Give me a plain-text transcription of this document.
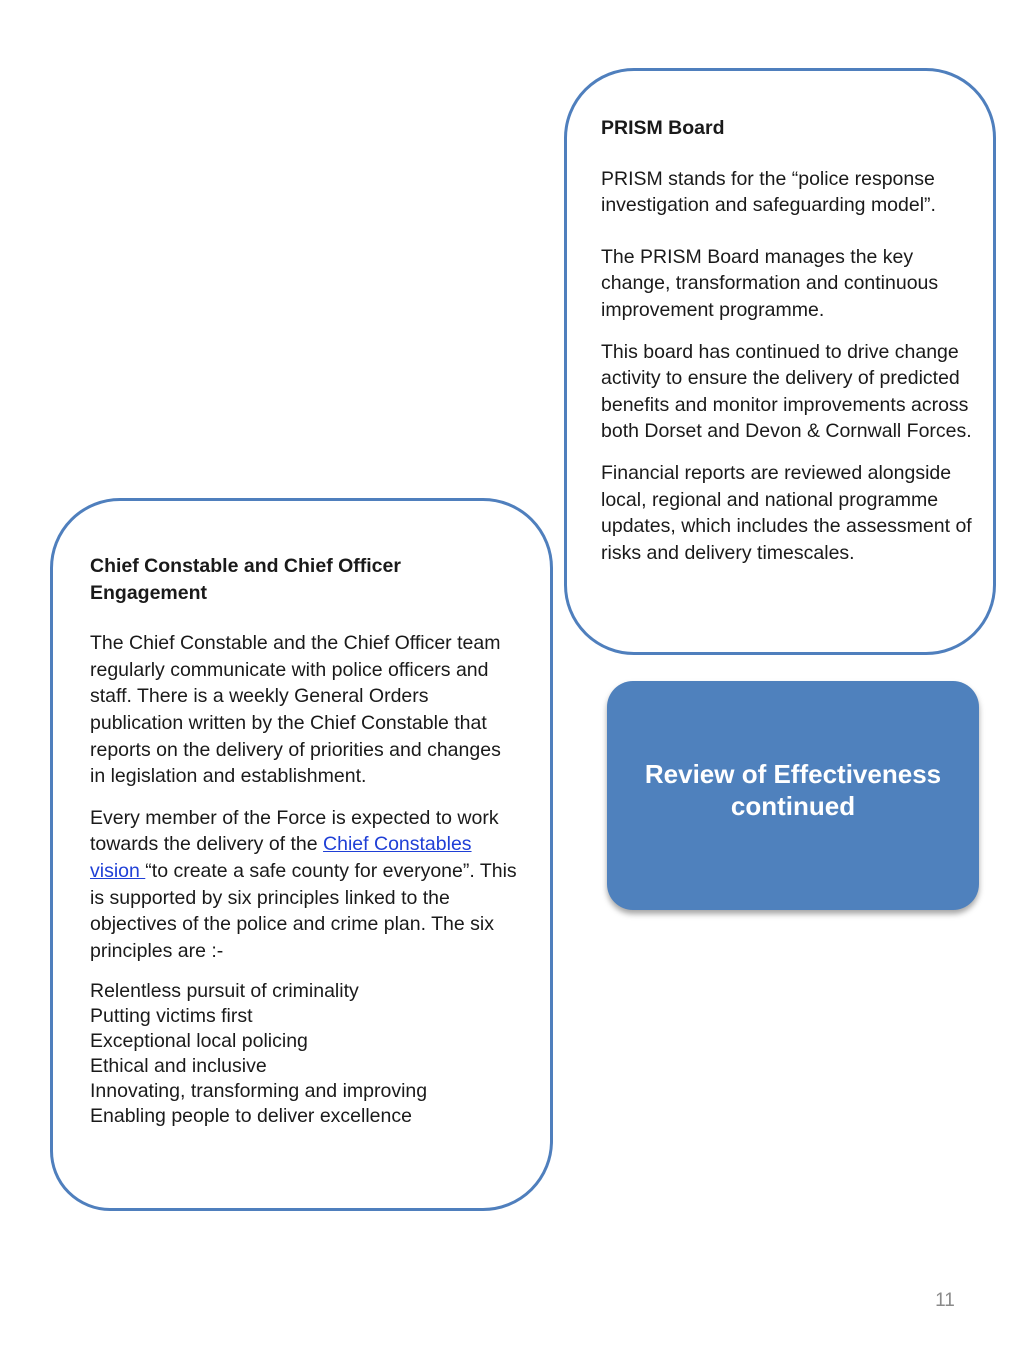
PRISM Board

PRISM stands for the “police response investigation and safeguarding model”.

The PRISM Board manages the key change, transformation and continuous improvement programme.

This board has continued to drive change activity to ensure the delivery of predicted benefits and monitor improvements across both Dorset and Devon & Cornwall Forces.

Financial reports are reviewed alongside local, regional and national programme updates, which includes the assessment of risks and delivery timescales.

Chief Constable and Chief Officer Engagement

The Chief Constable and the Chief Officer team regularly communicate with police officers and staff. There is a weekly General Orders publication written by the Chief Constable that reports on the delivery of priorities and changes in legislation and establishment.

Every member of the Force is expected to work towards the delivery of the Chief Constables vision “to create a safe county for everyone”. This is supported by six principles linked to the objectives of the police and crime plan. The six principles are :-

Relentless pursuit of criminality
Putting victims first
Exceptional local policing
Ethical and inclusive
Innovating, transforming and improving
Enabling people to deliver excellence
Review of Effectiveness continued
11
